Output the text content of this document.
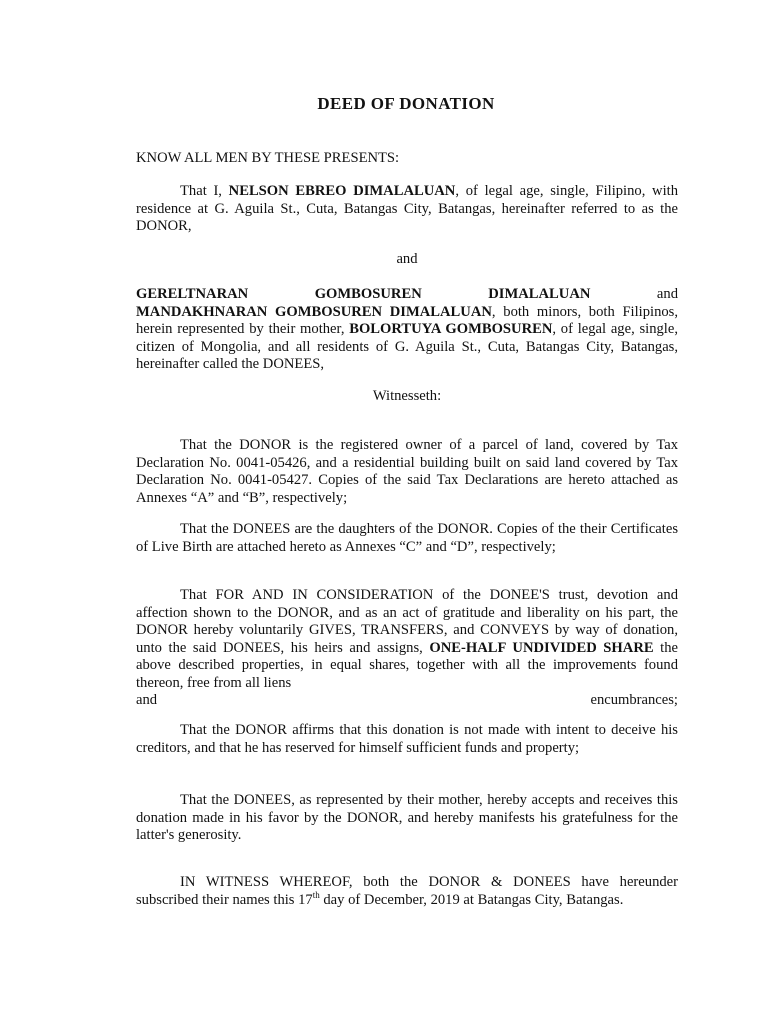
DEED OF DONATION
KNOW ALL MEN BY THESE PRESENTS:
That I, NELSON EBREO DIMALALUAN, of legal age, single, Filipino, with residence at G. Aguila St., Cuta, Batangas City, Batangas, hereinafter referred to as the DONOR,
and
GERELTNARAN	GOMBOSUREN	DIMALALUAN	and
MANDAKHNARAN GOMBOSUREN DIMALALUAN, both minors, both Filipinos, herein represented by their mother, BOLORTUYA GOMBOSUREN, of legal age, single, citizen of Mongolia, and all residents of G. Aguila St., Cuta, Batangas City, Batangas, hereinafter called the DONEES,
Witnesseth:
That the DONOR is the registered owner of a parcel of land, covered by Tax Declaration No. 0041-05426, and a residential building built on said land covered by Tax Declaration No. 0041-05427. Copies of the said Tax Declarations are hereto attached as Annexes “A” and “B”, respectively;
That the DONEES are the daughters of the DONOR. Copies of the their Certificates of Live Birth are attached hereto as Annexes “C” and “D”, respectively;
That FOR AND IN CONSIDERATION of the DONEE'S trust, devotion and affection shown to the DONOR, and as an act of gratitude and liberality on his part, the DONOR hereby voluntarily GIVES, TRANSFERS, and CONVEYS by way of donation, unto the said DONEES, his heirs and assigns, ONE-HALF UNDIVIDED SHARE the above described properties, in equal shares, together with all the improvements found thereon, free from all liens
and	encumbrances;
That the DONOR affirms that this donation is not made with intent to deceive his creditors, and that he has reserved for himself sufficient funds and property;
That the DONEES, as represented by their mother, hereby accepts and receives this donation made in his favor by the DONOR, and hereby manifests his gratefulness for the latter's generosity.
IN WITNESS WHEREOF, both the DONOR & DONEES have hereunder subscribed their names this 17th day of December, 2019 at Batangas City, Batangas.
